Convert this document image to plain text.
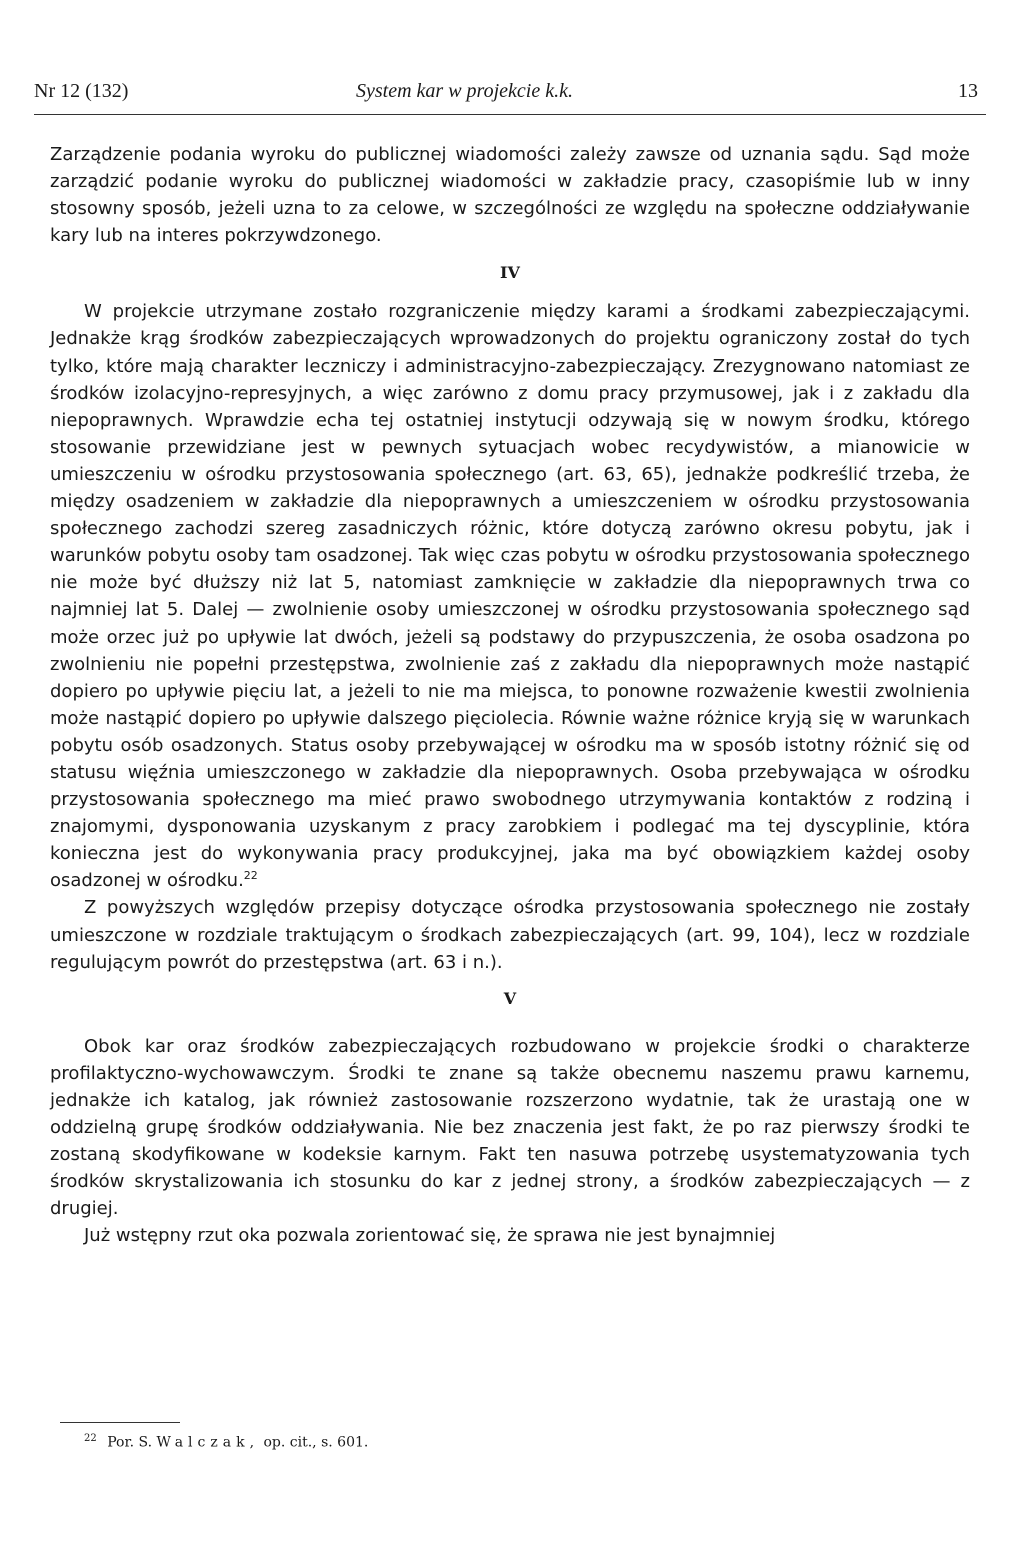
Nr 12 (132)	System kar w projekcie k.k.	13

Zarządzenie podania wyroku do publicznej wiadomości zależy zawsze od uznania sądu. Sąd może zarządzić podanie wyroku do publicznej wiadomości w zakładzie pracy, czasopiśmie lub w inny stosowny sposób, jeżeli uzna to za celowe, w szczególności ze względu na społeczne oddziaływanie kary lub na interes pokrzywdzonego.

IV

W projekcie utrzymane zostało rozgraniczenie między karami a środkami zabezpieczającymi. Jednakże krąg środków zabezpieczających wprowadzonych do projektu ograniczony został do tych tylko, które mają charakter leczniczy i administracyjno-zabezpieczający. Zrezygnowano natomiast ze środków izolacyjno-represyjnych, a więc zarówno z domu pracy przymusowej, jak i z zakładu dla niepoprawnych. Wprawdzie echa tej ostatniej instytucji odzywają się w nowym środku, którego stosowanie przewidziane jest w pewnych sytuacjach wobec recydywistów, a mianowicie w umieszczeniu w ośrodku przystosowania społecznego (art. 63, 65), jednakże podkreślić trzeba, że między osadzeniem w zakładzie dla niepoprawnych a umieszczeniem w ośrodku przystosowania społecznego zachodzi szereg zasadniczych różnic, które dotyczą zarówno okresu pobytu, jak i warunków pobytu osoby tam osadzonej. Tak więc czas pobytu w ośrodku przystosowania społecznego nie może być dłuższy niż lat 5, natomiast zamknięcie w zakładzie dla niepoprawnych trwa co najmniej lat 5. Dalej — zwolnienie osoby umieszczonej w ośrodku przystosowania społecznego sąd może orzec już po upływie lat dwóch, jeżeli są podstawy do przypuszczenia, że osoba osadzona po zwolnieniu nie popełni przestępstwa, zwolnienie zaś z zakładu dla niepoprawnych może nastąpić dopiero po upływie pięciu lat, a jeżeli to nie ma miejsca, to ponowne rozważenie kwestii zwolnienia może nastąpić dopiero po upływie dalszego pięciolecia. Równie ważne różnice kryją się w warunkach pobytu osób osadzonych. Status osoby przebywającej w ośrodku ma w sposób istotny różnić się od statusu więźnia umieszczonego w zakładzie dla niepoprawnych. Osoba przebywająca w ośrodku przystosowania społecznego ma mieć prawo swobodnego utrzymywania kontaktów z rodziną i znajomymi, dysponowania uzyskanym z pracy zarobkiem i podlegać ma tej dyscyplinie, która konieczna jest do wykonywania pracy produkcyjnej, jaka ma być obowiązkiem każdej osoby osadzonej w ośrodku.$^{22}$

Z powyższych względów przepisy dotyczące ośrodka przystosowania społecznego nie zostały umieszczone w rozdziale traktującym o środkach zabezpieczających (art. 99, 104), lecz w rozdziale regulującym powrót do przestępstwa (art. 63 i n.).

V

Obok kar oraz środków zabezpieczających rozbudowano w projekcie środki o charakterze profilaktyczno-wychowawczym. Środki te znane są także obecnemu naszemu prawu karnemu, jednakże ich katalog, jak również zastosowanie rozszerzono wydatnie, tak że urastają one w oddzielną grupę środków oddziaływania. Nie bez znaczenia jest fakt, że po raz pierwszy środki te zostaną skodyfikowane w kodeksie karnym. Fakt ten nasuwa potrzebę usystematyzowania tych środków skrystalizowania ich stosunku do kar z jednej strony, a środków zabezpieczających — z drugiej.

Już wstępny rzut oka pozwala zorientować się, że sprawa nie jest bynajmniej

$^{22}$ Por. S. Walczak, op. cit., s. 601.
